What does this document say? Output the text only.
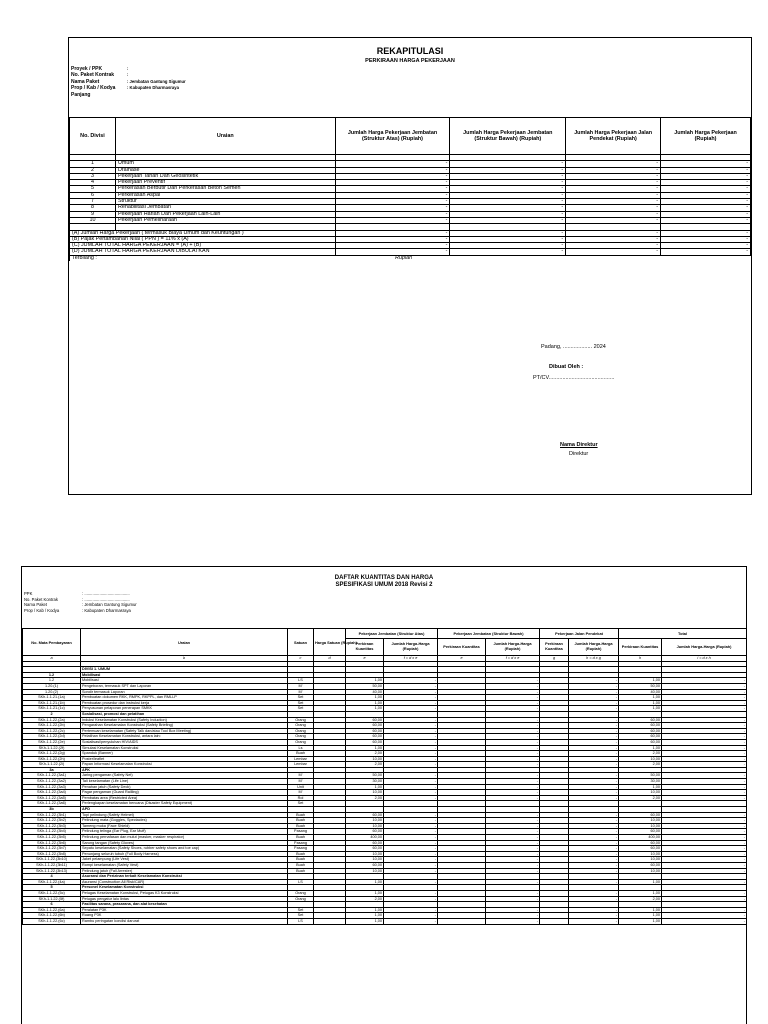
REKAPITULASI
PERKIRAAN HARGA PEKERJAAN
Proyek / PPK	:
No. Paket Kontrak	:
Nama Paket	: Jembatan Gantung Sigumur
Prop / Kab / Kodya	: Kabupaten Dharmasraya
Panjang
No. Divisi	Uraian	Jumlah Harga Pekerjaan Jembatan (Struktur Atas) (Rupiah)	Jumlah Harga Pekerjaan Jembatan (Struktur Bawah) (Rupiah)	Jumlah Harga Pekerjaan Jalan Pendekat (Rupiah)	Jumlah Harga Pekerjaan (Rupiah)

1	Umum	-	-	-	-
2	Drainase	-	-	-	-
3	Pekerjaan Tanah Dan Geosintetik	-	-	-	-
4	Pekerjaan Preventif	-	-	-	-
5	Perkerasan Berbutir Dan Perkerasan Beton Semen	-	-	-	-
6	Perkerasan Aspal	-	-	-	-
7	Struktur	-	-	-	-
8	Rehabilitasi Jembatan	-	-	-	-
9	Pekerjaan Harian Dan Pekerjaan Lain-Lain	-	-	-	-
10	Pekerjaan Pemeliharaan	-	-	-	-

(A) Jumlah Harga Pekerjaan ( termasuk Biaya Umum dan Keuntungan )		-	-	-	-
(B) Pajak Pertambahan Nilai ( PPN ) = 11% x (A)		-	-	-	-
(C) JUMLAH TOTAL HARGA PEKERJAAN = (A) + (B)		-	-	-	-
(D) JUMLAH TOTAL HARGA PEKERJAAN DIBULATKAN		-	-	-	-
Terbilang :		Rupiah			
Padang, ................... 2024
Dibuat Oleh :
PT/CV...........................................
Nama Direktur
Direktur
DAFTAR KUANTITAS DAN HARGA
SPESIFIKASI UMUM 2018 Revisi 2
PPK	: .......................................
No. Paket Kontrak	: .......................................
Nama Paket	: Jembatan Gantung Sigumur
Prop / Kab / Kodya	: Kabupaten Dharmasraya
No. Mata Pembayaran	Uraian	Satuan	Harga Satuan (Rupiah)	Pekerjaan Jembatan (Struktur Atas)		Pekerjaan Jembatan (Struktur Bawah)		Pekerjaan Jalan Pendekat		Total	
				Perkiraan Kuantitas	Jumlah Harga-Harga (Rupiah)	Perkiraan Kuantitas	Jumlah Harga-Harga (Rupiah)	Perkiraan Kuantitas	Jumlah Harga-Harga (Rupiah)	Perkiraan Kuantitas	Jumlah Harga-Harga (Rupiah)
a	b	c	d	e	f = d x e	e	f = d x e	g	h = d x g	h	i = d x h

	DIVISI 1. UMUM										
1.2	Mobilisasi										
1.2	Mobilisasi	LS		1,00	-		-		-	1,00	-
1.20.(1)	Pengeboran, termasuk SPT dan Laporan	M'		50,00	-		-		-	50,00	-
1.20.(2)	Sondir termasuk Laporan	M'		40,00	-		-		-	40,00	-
SKh-1.1.21.(1a)	Pembuatan dokumen RKK, RMPK, RKPPL, dan RMLLP	Set		1,00	-		-		-	1,00	-
SKh-1.1.21.(1b)	Pembuatan prosedur dan instruksi kerja	Set		1,00	-		-		-	1,00	-
SKh-1.1.21.(1c)	Penyusunan pelaporan penerapan SMKK	Set		1,00	-		-		-	1,00	-
2	Sosialisasi, promosi dan pelatihan										
SKh-1.1.22.(2a)	Induksi Keselamatan Konstruksi (Safety Induction)	Orang		60,00	-		-		-	60,00	-
SKh-1.1.22.(2b)	Pengarahan Keselamatan Konstruksi (Safety Briefing)	Orang		60,00	-		-		-	60,00	-
SKh-1.1.22.(2c)	Pertemuan keselamatan (Safety Talk dan/atau Tool Box Meeting)	Orang		60,00	-		-		-	60,00	-
SKh-1.1.22.(2d)	Pelatihan Keselamatan Konstruksi, antara lain:	Orang		60,00	-		-		-	60,00	-
SKh-1.1.22.(2e)	Sosialisasi/penyuluhan HIV/AIDS	Orang		60,00	-		-		-	60,00	-
SKh-1.1.22.(2f)	Simulasi Keselamatan Konstruksi	Ls		1,00	-		-		-	1,00	-
SKh-1.1.22.(2g)	Spanduk (Banner)	Buah		2,00	-		-		-	2,00	-
SKh-1.1.22.(2h)	Poster/leaflet	Lembar		10,00	-		-		-	10,00	-
SKh-1.1.22.(2i)	Papan Informasi Keselamatan Konstruksi	Lembar		2,00	-		-		-	2,00	-
3a	APK										
SKh-1.1.22.(3a1)	Jaring pengaman (Safety Net)	M'		50,00	-		-		-	50,00	-
SKh-1.1.22.(3a2)	Tali keselamatan (Life Line)	M'		30,00	-		-		-	30,00	-
SKh-1.1.22.(3a3)	Penahan jatuh (Safety Deck)	Unit		1,00	-		-		-	1,00	-
SKh-1.1.22.(3a4)	Pagar pengaman (Guard Railling)	M'		10,00	-		-		-	10,00	-
SKh-1.1.22.(3a5)	Pembatas area (Restricted Area)	Rol		2,00	-		-		-	2,00	-
SKh-1.1.22.(3a6)	Perlengkapan keselamatan bencana (Disaster Safety Equipment)	Set									
3b	APD										
SKh-1.1.22.(3b1)	Topi pelindung (Safety Helmet)	Buah		60,00	-		-		-	60,00	-
SKh-1.1.22.(3b2)	Pelindung mata (Goggles, Spectacles)	Buah		10,00	-		-		-	10,00	-
SKh-1.1.22.(3b3)	Tameng muka (Face Shield)	Buah		10,00	-		-		-	10,00	-
SKh-1.1.22.(3b4)	Pelindung telinga (Ear Plug, Ear Muff)	Pasang		60,00	-		-		-	60,00	-
SKh-1.1.22.(3b5)	Pelindung pernafasan dan mulut (masker, masker respirator)	Buah		400,00	-		-		-	400,00	-
SKh-1.1.22.(3b6)	Sarung tangan (Safety Gloves)	Pasang		60,00	-		-		-	60,00	-
SKh-1.1.22.(3b7)	Sepatu keselamatan (Safety Shoes, rubber safety shoes and toe cap)	Pasang		60,00	-		-		-	60,00	-
SKh-1.1.22.(3b8)	Penunjang seluruh tubuh (Full Body Harness)	Buah		10,00	-		-		-	10,00	-
SKh-1.1.22.(3b10)	Jaket pelampung (Life Vest)	Buah		10,00	-		-		-	10,00	-
SKh-1.1.22.(3b11)	Rompi keselamatan (Safety Vest)	Buah		60,00	-		-		-	60,00	-
SKh-1.1.22.(3b13)	Pelindung jatuh (Fall Arrester)	Buah		10,00	-		-		-	10,00	-
4	Asuransi dan Perizinan terkait Keselamatan Konstruksi										
SKh-1.1.22.(4a)	Asuransi (Construction All Risk/CAR)	LS		1,00	-		-		-	1,00	-
5	Personel Keselamatan Konstruksi										
SKh-1.1.22.(5c)	Petugas Keselamatan Konstruksi, Petugas K3 Konstruksi	Orang		1,00	-		-		-	1,00	-
SKh-1.1.22.(5f)	Petugas pengatur lalu lintas	Orang		2,00	-		-		-	2,00	-
6	Fasilitas sarana, prasarana, dan alat kesehatan										
SKh-1.1.22.(6a)	Peralatan P3K	Set		1,00	-		-		-	1,00	-
SKh-1.1.22.(6b)	Ruang P3K	Set		1,00	-		-		-	1,00	-
SKh-1.1.22.(6c)	Rambu peringatan kondisi darurat	LS		1,00	-		-		-	1,00	-
